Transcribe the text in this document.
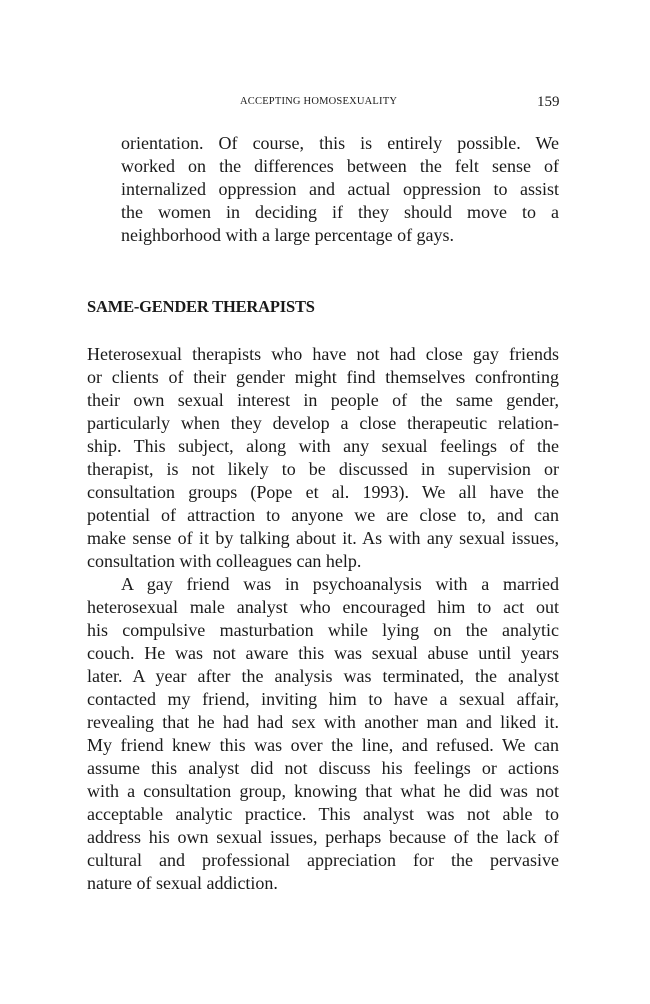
ACCEPTING HOMOSEXUALITY	159
orientation. Of course, this is entirely possible. We
worked on the differences between the felt sense of
internalized oppression and actual oppression to assist
the women in deciding if they should move to a
neighborhood with a large percentage of gays.
SAME-GENDER THERAPISTS
Heterosexual therapists who have not had close gay friends
or clients of their gender might find themselves confronting
their own sexual interest in people of the same gender,
particularly when they develop a close therapeutic relation-
ship. This subject, along with any sexual feelings of the
therapist, is not likely to be discussed in supervision or
consultation groups (Pope et al. 1993). We all have the
potential of attraction to anyone we are close to, and can
make sense of it by talking about it. As with any sexual issues,
consultation with colleagues can help.
A gay friend was in psychoanalysis with a married
heterosexual male analyst who encouraged him to act out
his compulsive masturbation while lying on the analytic
couch. He was not aware this was sexual abuse until years
later. A year after the analysis was terminated, the analyst
contacted my friend, inviting him to have a sexual affair,
revealing that he had had sex with another man and liked it.
My friend knew this was over the line, and refused. We can
assume this analyst did not discuss his feelings or actions
with a consultation group, knowing that what he did was not
acceptable analytic practice. This analyst was not able to
address his own sexual issues, perhaps because of the lack of
cultural and professional appreciation for the pervasive
nature of sexual addiction.
